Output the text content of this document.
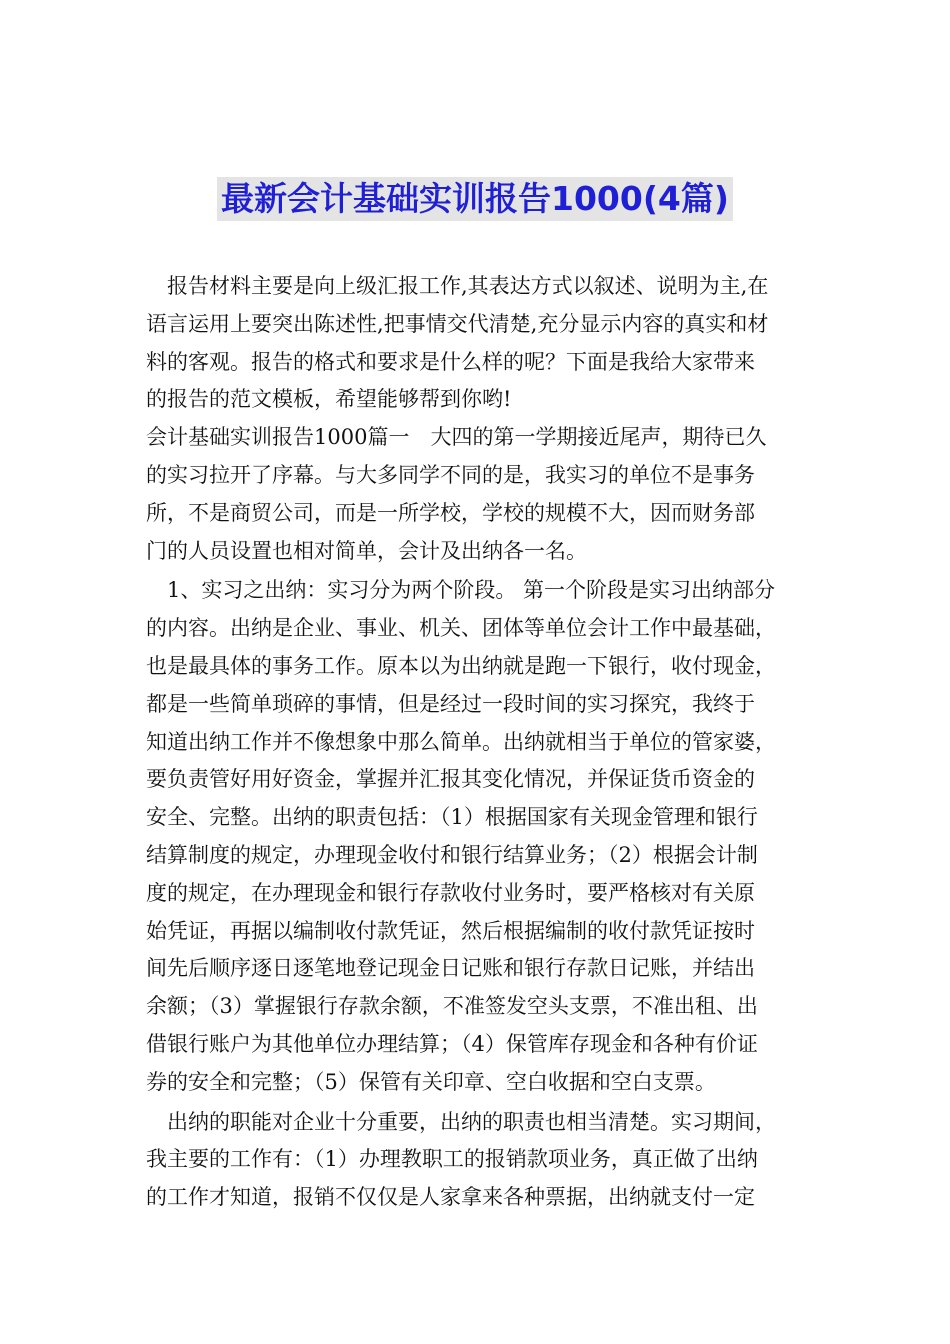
最新会计基础实训报告1000(4篇)
报告材料主要是向上级汇报工作,其表达方式以叙述、说明为主,在
语言运用上要突出陈述性,把事情交代清楚,充分显示内容的真实和材
料的客观。报告的格式和要求是什么样的呢？下面是我给大家带来
的报告的范文模板，希望能够帮到你哟!
会计基础实训报告1000篇一　大四的第一学期接近尾声，期待已久
的实习拉开了序幕。与大多同学不同的是，我实习的单位不是事务
所，不是商贸公司，而是一所学校，学校的规模不大，因而财务部
门的人员设置也相对简单，会计及出纳各一名。
1、实习之出纳：实习分为两个阶段。 第一个阶段是实习出纳部分
的内容。出纳是企业、事业、机关、团体等单位会计工作中最基础，
也是最具体的事务工作。原本以为出纳就是跑一下银行，收付现金，
都是一些简单琐碎的事情，但是经过一段时间的实习探究，我终于
知道出纳工作并不像想象中那么简单。出纳就相当于单位的管家婆，
要负责管好用好资金，掌握并汇报其变化情况，并保证货币资金的
安全、完整。出纳的职责包括：（1）根据国家有关现金管理和银行
结算制度的规定，办理现金收付和银行结算业务；（2）根据会计制
度的规定，在办理现金和银行存款收付业务时，要严格核对有关原
始凭证，再据以编制收付款凭证，然后根据编制的收付款凭证按时
间先后顺序逐日逐笔地登记现金日记账和银行存款日记账，并结出
余额；（3）掌握银行存款余额，不准签发空头支票，不准出租、出
借银行账户为其他单位办理结算；（4）保管库存现金和各种有价证
券的安全和完整；（5）保管有关印章、空白收据和空白支票。
出纳的职能对企业十分重要，出纳的职责也相当清楚。实习期间，
我主要的工作有：（1）办理教职工的报销款项业务，真正做了出纳
的工作才知道，报销不仅仅是人家拿来各种票据，出纳就支付一定
